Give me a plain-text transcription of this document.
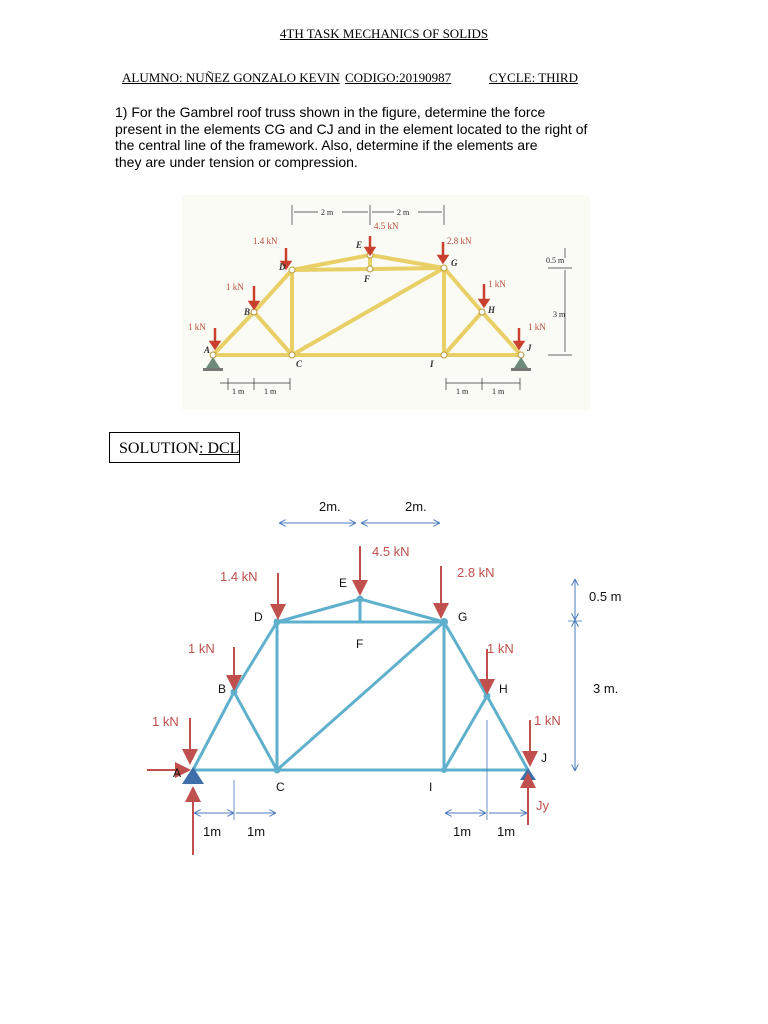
4TH TASK MECHANICS OF SOLIDS
ALUMNO: NUÑEZ GONZALO KEVIN CODIGO:20190987	CYCLE: THIRD
1) For the Gambrel roof truss shown in the figure, determine the force
present in the elements CG and CJ and in the element located to the right of
the central line of the framework. Also, determine if the elements are
they are under tension or compression.
1.4 kN
4.5 kN
2.8 kN
1 kN
1 kN
1 kN
1 kN
A
B
C
D
E
F
G
H
I
J
2 m	2 m
1 m 1 m	1 m	1 m
0.5 m
3 m
SOLUTION: DCL
4.5 kN
1.4 kN	2.8 kN
1 kN	1 kN
1 kN	1 kN
Jy
A
B
C
D
E
F
G
H
I
J
2m.	2m.
0.5 m
3 m.
1m 1m	1m 1m
